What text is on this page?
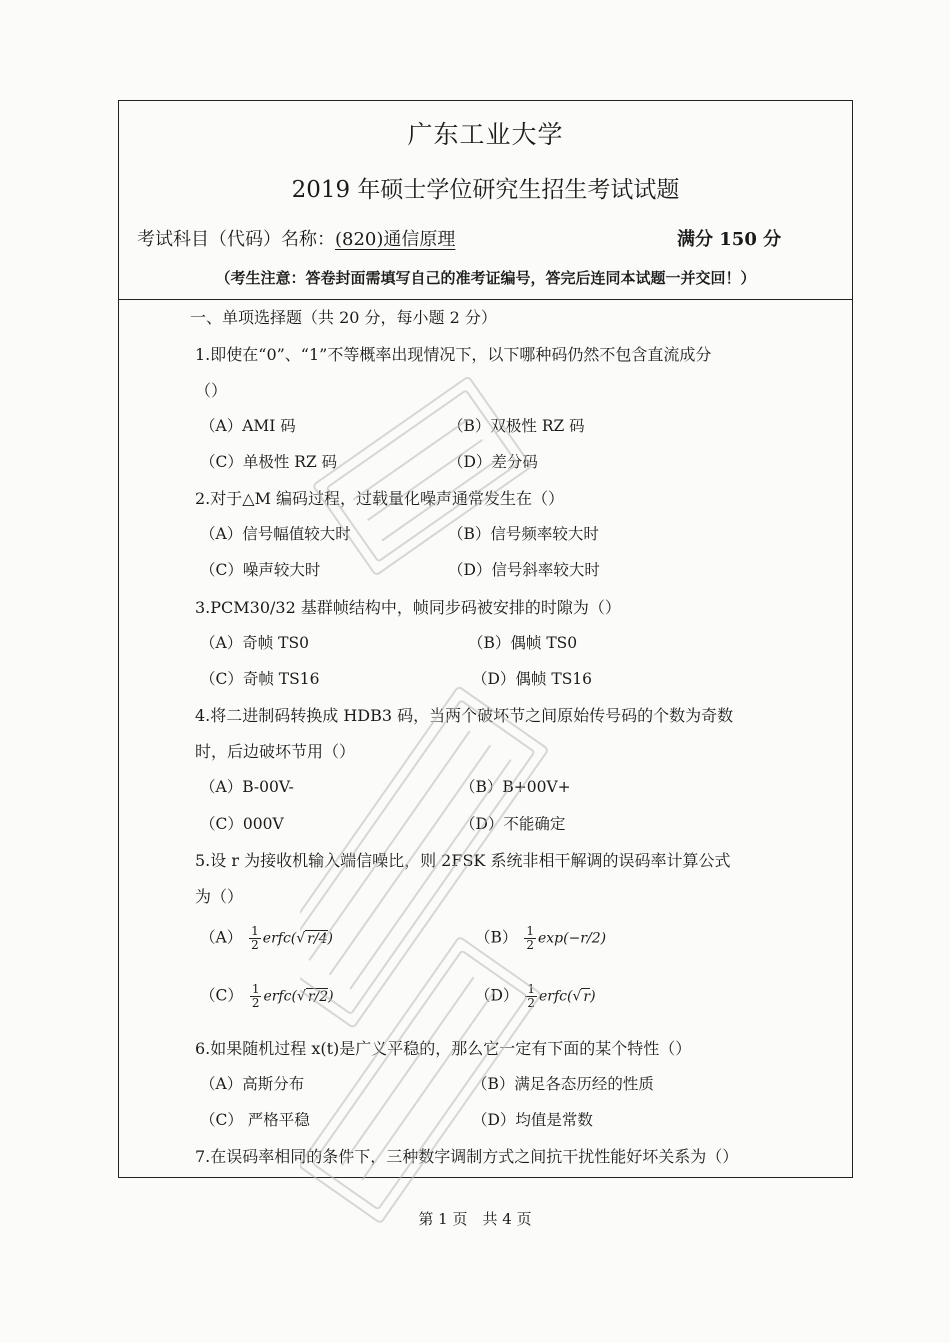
广东工业大学
2019 年硕士学位研究生招生考试试题
考试科目（代码）名称：(820)通信原理	满分 150 分
（考生注意：答卷封面需填写自己的准考证编号，答完后连同本试题一并交回！）
一、单项选择题（共 20 分，每小题 2 分）
1.即使在“0”、“1”不等概率出现情况下，以下哪种码仍然不包含直流成分
（）
（A）AMI 码	（B）双极性 RZ 码
（C）单极性 RZ 码	（D）差分码
2.对于△M 编码过程，过载量化噪声通常发生在（）
（A）信号幅值较大时	（B）信号频率较大时
（C）噪声较大时	（D）信号斜率较大时
3.PCM30/32 基群帧结构中，帧同步码被安排的时隙为（）
（A）奇帧 TS0	（B）偶帧 TS0
（C）奇帧 TS16	（D）偶帧 TS16
4.将二进制码转换成 HDB3 码，当两个破坏节之间原始传号码的个数为奇数
时，后边破坏节用（）
（A）B-00V-	（B）B+00V+
（C）000V	（D）不能确定
5.设 r 为接收机输入端信噪比，则 2FSK 系统非相干解调的误码率计算公式
为（）
$(A) \frac{1}{2}$ erfc(√ r/4)	$(B) \frac{1}{2} \exp(-r/2)$
$(C) \frac{1}{2}$ erfc(√ r/2)	$(D) \frac{1}{2}$ erfc(√ r)
6.如果随机过程 x(t)是广义平稳的，那么它一定有下面的某个特性（）
（A）高斯分布	（B）满足各态历经的性质
（C） 严格平稳	（D）均值是常数
7.在误码率相同的条件下，三种数字调制方式之间抗干扰性能好坏关系为（）
第 1 页　共 4 页
